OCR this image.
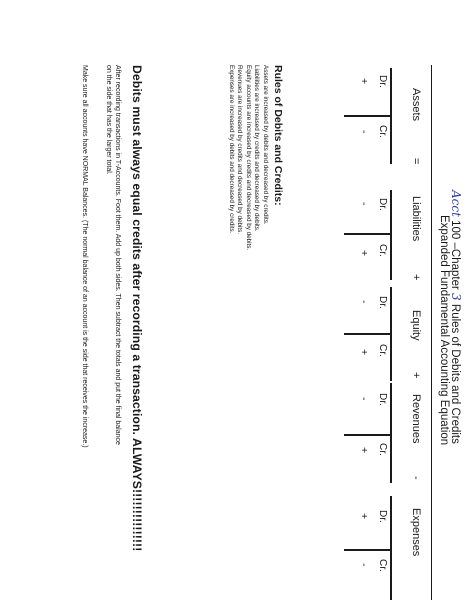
Acct 100 –Chapter 3 Rules of Debits and Credits
Expanded Fundamental Accounting Equation
Assets
=
Liabilities
+
Equity
+
Revenues
-
Expenses
Dr.
Cr.
+
-
Dr.
Cr.
-
+
Dr.
Cr.
-
+
Dr.
Cr.
-
+
Dr.
Cr.
+
-
Rules of Debits and Credits:
Assets are increased by debits and decreased by credits.
Liabilities are increased by credits and decreased by debits.
Equity accounts are increased by credits and decreased by debits.
Revenues are increased by credits and decreased by debits.
Expenses are increased by debits and decreased by credits.
Debits must always equal credits after recording a transaction. ALWAYS!!!!!!!!!!!!!!!
After recording transactions in T-Accounts. Foot them. Add up both sides. Then subtract the totals and put the final balance
on the side that has the larger total.
Make sure all accounts have NORMAL Balances. (The normal balance of an account is the side that receives the increase.)
